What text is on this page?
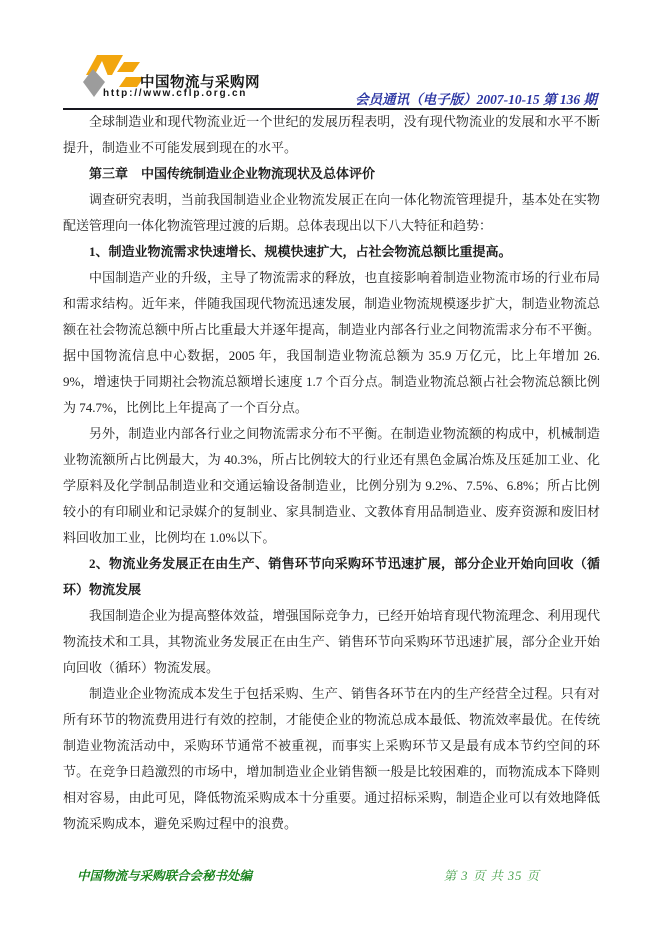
中国物流与采购网
http://www.cflp.org.cn	会员通讯（电子版）2007-10-15 第 136 期

全球制造业和现代物流业近一个世纪的发展历程表明，没有现代物流业的发展和水平不断提升，制造业不可能发展到现在的水平。

第三章　中国传统制造业企业物流现状及总体评价

调查研究表明，当前我国制造业企业物流发展正在向一体化物流管理提升，基本处在实物配送管理向一体化物流管理过渡的后期。总体表现出以下八大特征和趋势：

1、制造业物流需求快速增长、规模快速扩大，占社会物流总额比重提高。

中国制造产业的升级，主导了物流需求的释放，也直接影响着制造业物流市场的行业布局和需求结构。近年来，伴随我国现代物流迅速发展，制造业物流规模逐步扩大，制造业物流总额在社会物流总额中所占比重最大并逐年提高，制造业内部各行业之间物流需求分布不平衡。据中国物流信息中心数据，2005 年，我国制造业物流总额为 35.9 万亿元，比上年增加 26.9%，增速快于同期社会物流总额增长速度 1.7 个百分点。制造业物流总额占社会物流总额比例为 74.7%，比例比上年提高了一个百分点。

另外，制造业内部各行业之间物流需求分布不平衡。在制造业物流额的构成中，机械制造业物流额所占比例最大，为 40.3%，所占比例较大的行业还有黑色金属冶炼及压延加工业、化学原料及化学制品制造业和交通运输设备制造业，比例分别为 9.2%、7.5%、6.8%；所占比例较小的有印刷业和记录媒介的复制业、家具制造业、文教体育用品制造业、废弃资源和废旧材料回收加工业，比例均在 1.0%以下。

2、物流业务发展正在由生产、销售环节向采购环节迅速扩展，部分企业开始向回收（循环）物流发展

我国制造企业为提高整体效益，增强国际竞争力，已经开始培育现代物流理念、利用现代物流技术和工具，其物流业务发展正在由生产、销售环节向采购环节迅速扩展，部分企业开始向回收（循环）物流发展。

制造业企业物流成本发生于包括采购、生产、销售各环节在内的生产经营全过程。只有对所有环节的物流费用进行有效的控制，才能使企业的物流总成本最低、物流效率最优。在传统制造业物流活动中，采购环节通常不被重视，而事实上采购环节又是最有成本节约空间的环节。在竞争日趋激烈的市场中，增加制造业企业销售额一般是比较困难的，而物流成本下降则相对容易，由此可见，降低物流采购成本十分重要。通过招标采购，制造企业可以有效地降低物流采购成本，避免采购过程中的浪费。

中国物流与采购联合会秘书处编	第 3 页 共 35 页
